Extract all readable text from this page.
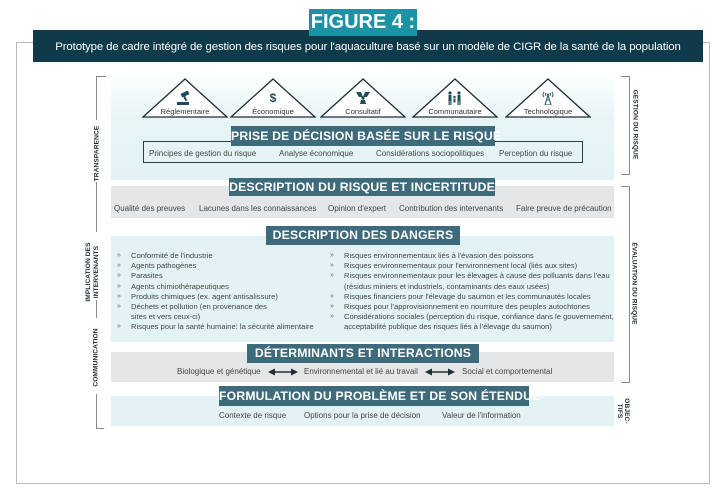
FIGURE 4 :
Prototype de cadre intégré de gestion des risques pour l'aquaculture basé sur un modèle de CIGR de la santé de la population
Réglementaire
$
Économique	Consultatif	Communautaire	Technologique
PRISE DE DÉCISION BASÉE SUR LE RISQUE
Principes de gestion du risque	Analyse économique	Considérations sociopolitiques Perception du risque
DESCRIPTION DU RISQUE ET INCERTITUDE
Qualité des preuves Lacunes dans les connaissances Opinion d'expert Contribution des intervenants Faire preuve de précaution
DESCRIPTION DES DANGERS
» Conformité de l'industrie
» Agents pathogènes
» Parasites
» Agents chimiothérapeutiques
» Produits chimiques (ex. agent antisalissure)
» Déchets et pollution (en provenance des sites et vers ceux-ci)
» Risques pour la santé humaine: la sécurité alimentaire
» Risques environnementaux liés à l'évasion des poissons
» Risques environnementaux pour l'environnement local (liés aux sites)
» Risques environnementaux pour les élevages à cause des polluants dans l'eau (résidus miniers et industriels, contaminants des eaux usées)
» Risques financiers pour l'élevage du saumon et les communautés locales
» Risques pour l'approvisionnement en nourriture des peuples autochtones
» Considérations sociales (perception du risque, confiance dans le gouvernement, acceptabilité publique des risques liés à l'élevage du saumon)
DÉTERMINANTS ET INTERACTIONS
Biologique et génétique	Environnemental et lié au travail	Social et comportemental
FORMULATION DU PROBLÈME ET DE SON ÉTENDUE
Contexte de risque Options pour la prise de décision	Valeur de l'information
TRANSPARENCE
IMPLICATION DES
INTERVENANTS
COMMUNICATION
GESTION DU RISQUE
ÉVALUATION DU RISQUE
OBJEC-
TIFS
